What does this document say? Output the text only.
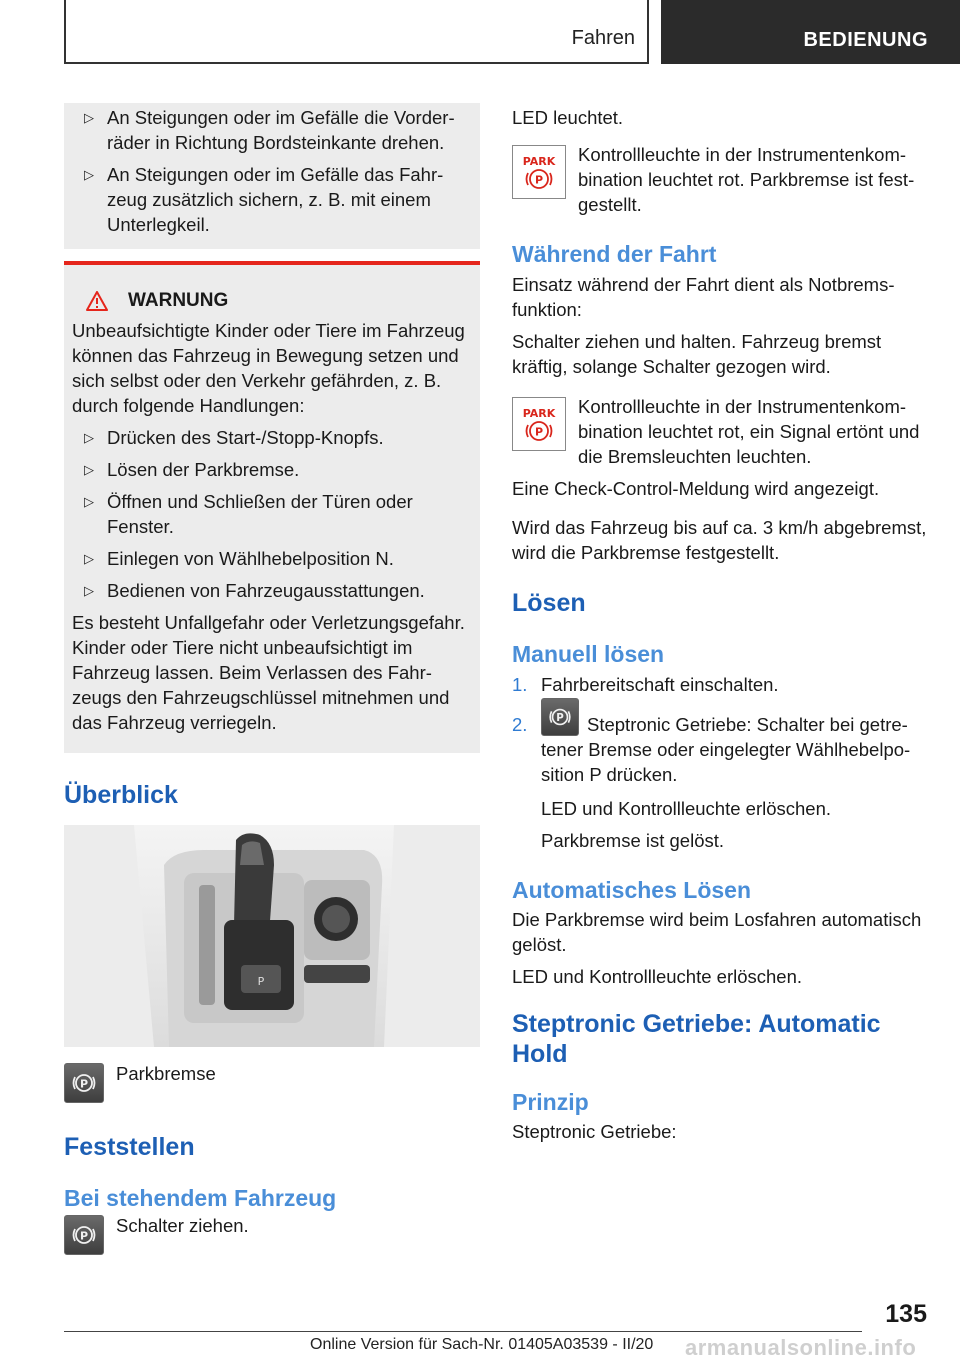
Fahren	BEDIENUNG
▷ An Steigungen oder im Gefälle die Vorderräder in Richtung Bordsteinkante drehen.
▷ An Steigungen oder im Gefälle das Fahrzeug zusätzlich sichern, z. B. mit einem Unterlegkeil.
WARNUNG

Unbeaufsichtigte Kinder oder Tiere im Fahrzeug können das Fahrzeug in Bewegung setzen und sich selbst oder den Verkehr gefährden, z. B. durch folgende Handlungen:

▷ Drücken des Start-/Stopp-Knopfs.
▷ Lösen der Parkbremse.
▷ Öffnen und Schließen der Türen oder Fenster.
▷ Einlegen von Wählhebelposition N.
▷ Bedienen von Fahrzeugausstattungen.

Es besteht Unfallgefahr oder Verletzungsgefahr. Kinder oder Tiere nicht unbeaufsichtigt im Fahrzeug lassen. Beim Verlassen des Fahrzeugs den Fahrzeugschlüssel mitnehmen und das Fahrzeug verriegeln.

Überblick
P
P Parkbremse

Feststellen
Bei stehendem Fahrzeug
P Schalter ziehen.

LED leuchtet.

PARK
P

Kontrollleuchte in der Instrumentenkombination leuchtet rot. Parkbremse ist festgestellt.

Während der Fahrt

Einsatz während der Fahrt dient als Notbremsfunktion:

Schalter ziehen und halten. Fahrzeug bremst kräftig, solange Schalter gezogen wird.

PARK
P

Kontrollleuchte in der Instrumentenkombination leuchtet rot, ein Signal ertönt und die Bremsleuchten leuchten.

Eine Check-Control-Meldung wird angezeigt.

Wird das Fahrzeug bis auf ca. 3 km/h abgebremst, wird die Parkbremse festgestellt.

Lösen
Manuell lösen
1. Fahrbereitschaft einschalten.
2.	P Steptronic Getriebe: Schalter bei getretener Bremse oder eingelegter Wählhebelposition P drücken.

LED und Kontrollleuchte erlöschen.

Parkbremse ist gelöst.

Automatisches Lösen

Die Parkbremse wird beim Losfahren automatisch gelöst.

LED und Kontrollleuchte erlöschen.

Steptronic Getriebe: Automatic Hold
Prinzip

Steptronic Getriebe:

135
Online Version für Sach-Nr. 01405A03539 - II/20 armanualsonline.info
